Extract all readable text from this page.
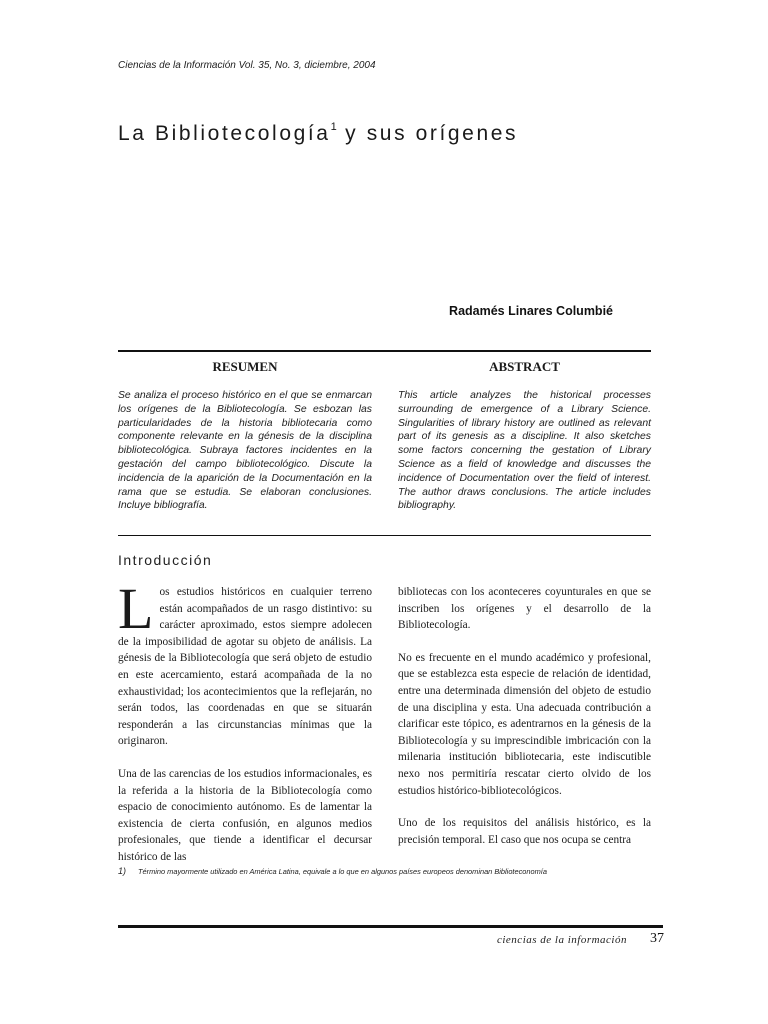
Ciencias de la Información Vol. 35, No. 3, diciembre, 2004
La Bibliotecología$^1$ y sus orígenes
Radamés Linares Columbié
RESUMEN	ABSTRACT
Se analiza el proceso histórico en el que se enmarcan los orígenes de la Bibliotecología. Se esbozan las particularidades de la historia bibliotecaria como componente relevante en la génesis de la disciplina bibliotecológica. Subraya factores incidentes en la gestación del campo bibliotecológico. Discute la incidencia de la aparición de la Documentación en la rama que se estudia. Se elaboran conclusiones. Incluye bibliografía.
This article analyzes the historical processes surrounding de emergence of a Library Science. Singularities of library history are outlined as relevant part of its genesis as a discipline. It also sketches some factors concerning the gestation of Library Science as a field of knowledge and discusses the incidence of Documentation over the field of interest. The author draws conclusions. The article includes bibliography.
Introducción

Los estudios históricos en cualquier terreno están acompañados de un rasgo distintivo: su carácter aproximado, estos siempre adolecen de la imposibilidad de agotar su objeto de análisis. La génesis de la Bibliotecología que será objeto de estudio en este acercamiento, estará acompañada de la no exhaustividad; los acontecimientos que la reflejarán, no serán todos, las coordenadas en que se situarán responderán a las circunstancias mínimas que la originaron.

Una de las carencias de los estudios informacionales, es la referida a la historia de la Bibliotecología como espacio de conocimiento autónomo. Es de lamentar la existencia de cierta confusión, en algunos medios profesionales, que tiende a identificar el decursar histórico de las

bibliotecas con los aconteceres coyunturales en que se inscriben los orígenes y el desarrollo de la Bibliotecología.

No es frecuente en el mundo académico y profesional, que se establezca esta especie de relación de identidad, entre una determinada dimensión del objeto de estudio de una disciplina y esta. Una adecuada contribución a clarificar este tópico, es adentrarnos en la génesis de la Bibliotecología y su imprescindible imbricación con la milenaria institución bibliotecaria, este indiscutible nexo nos permitiría rescatar cierto olvido de los estudios histórico-bibliotecológicos.

Uno de los requisitos del análisis histórico, es la precisión temporal. El caso que nos ocupa se centra

1) Término mayormente utilizado en América Latina, equivale a lo que en algunos países europeos denominan Biblioteconomía
ciencias de la información 37
